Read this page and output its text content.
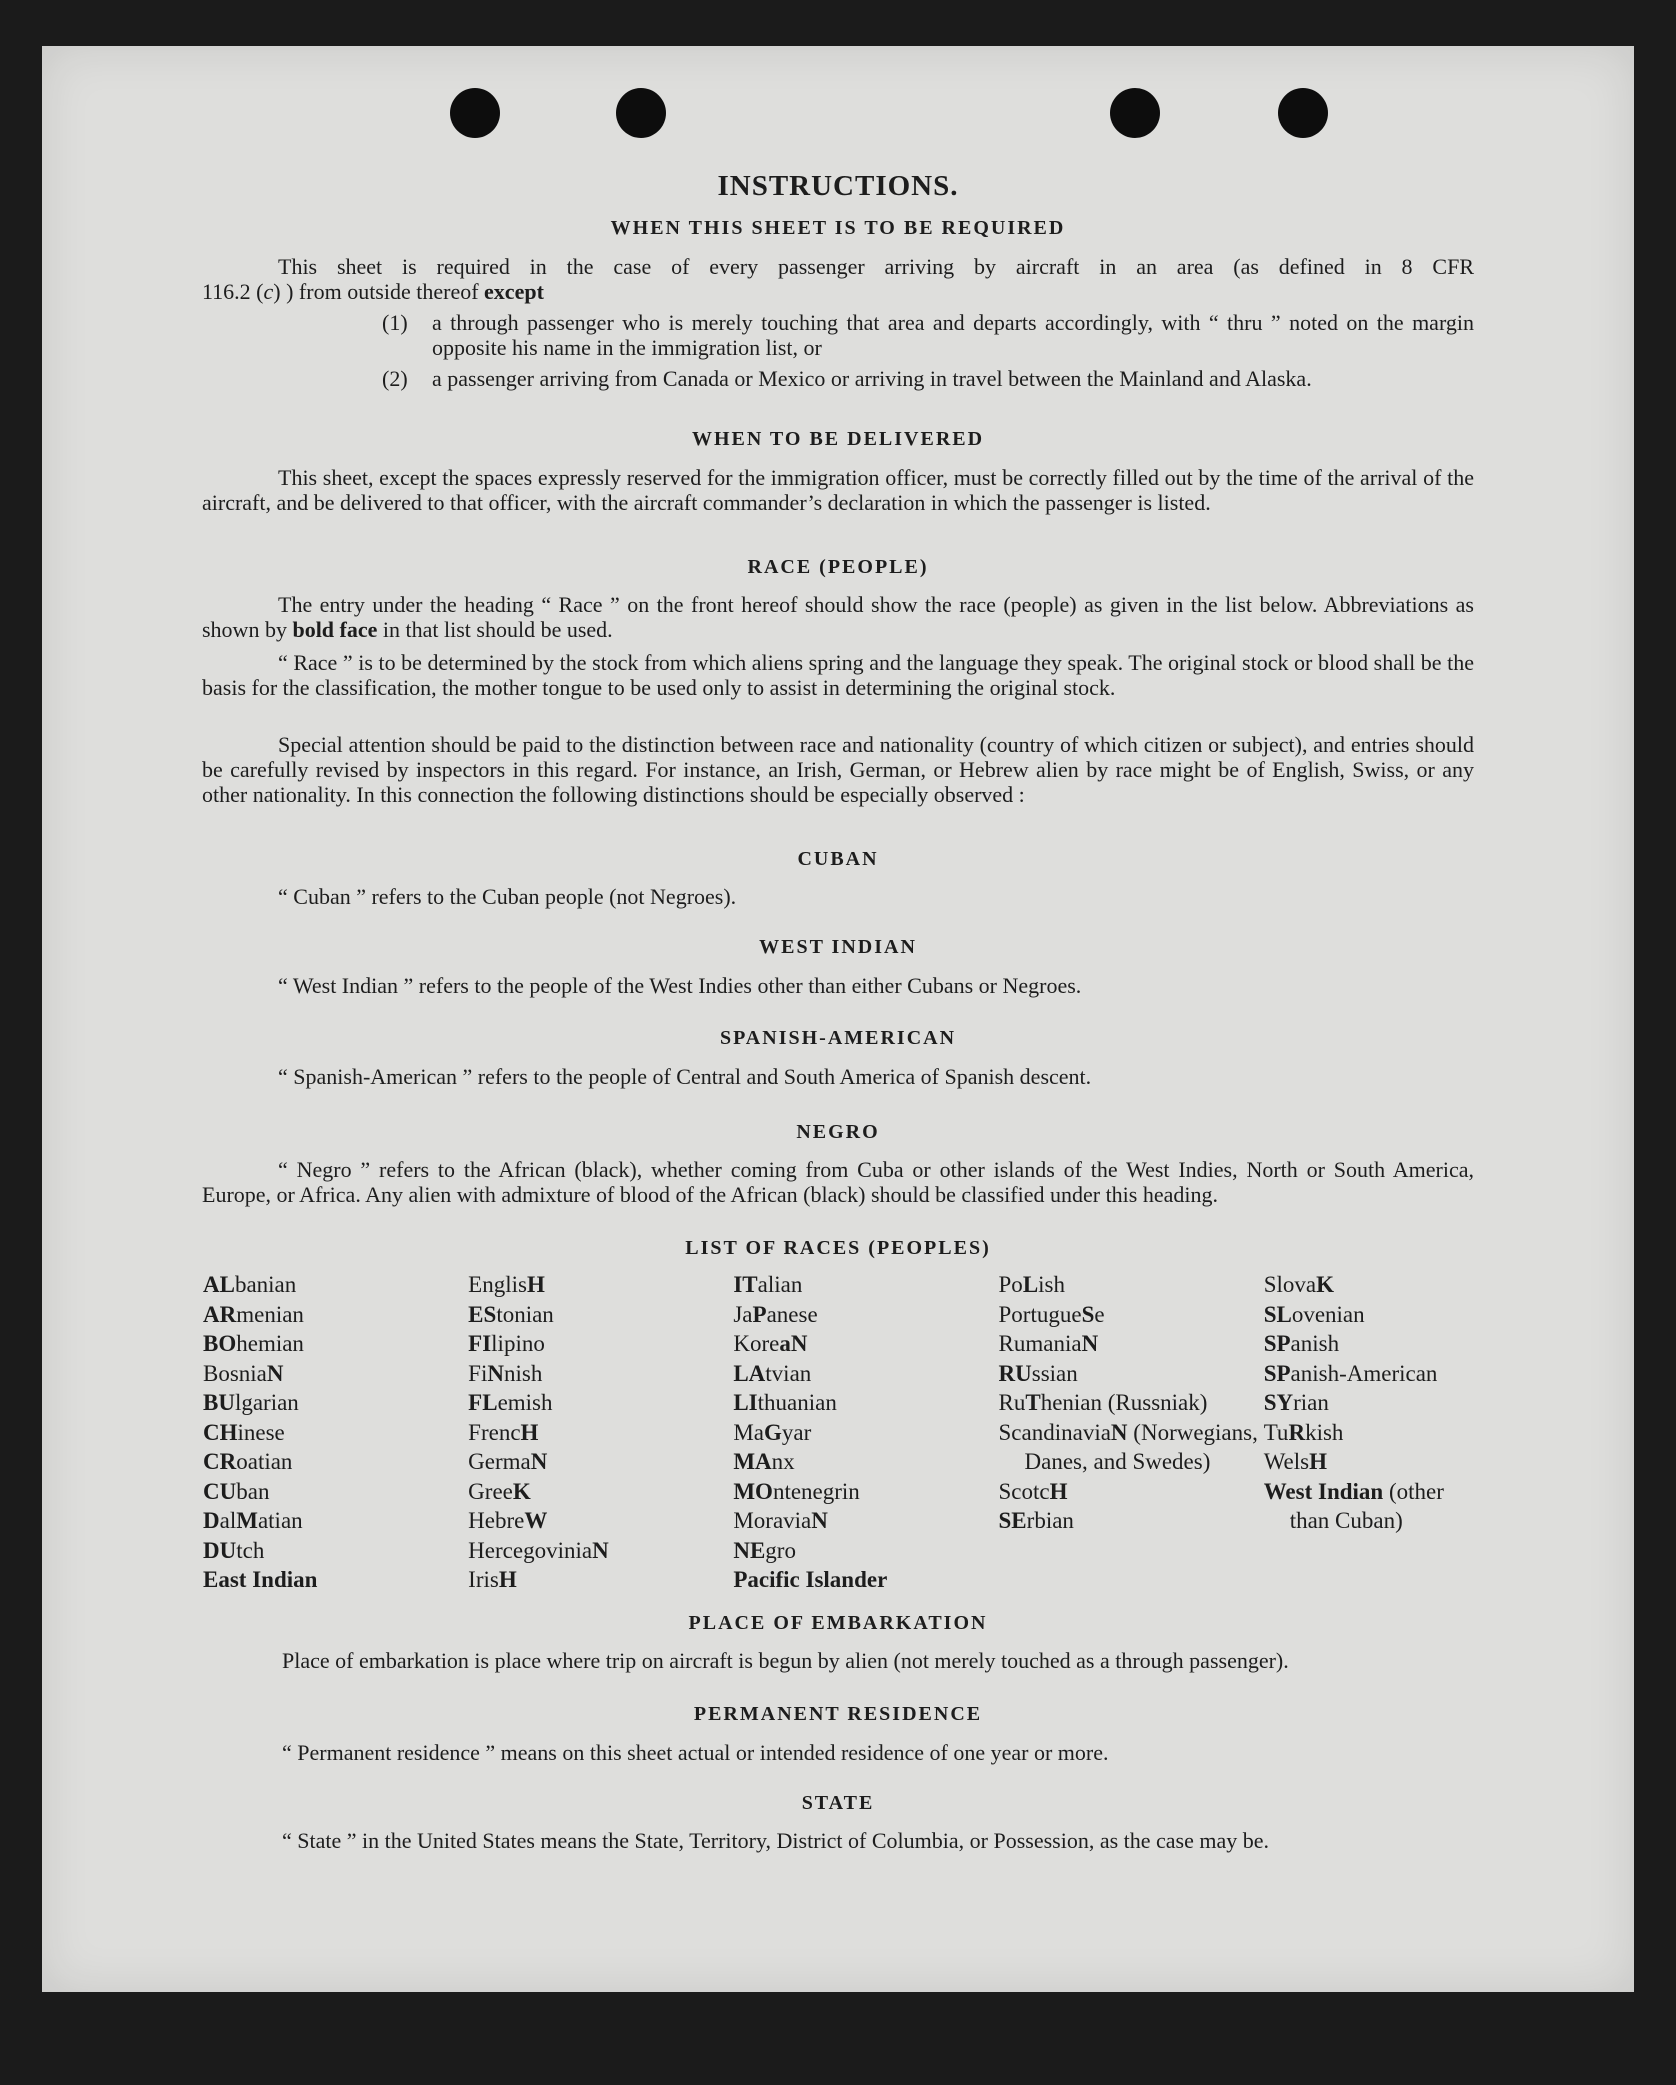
INSTRUCTIONS.
WHEN THIS SHEET IS TO BE REQUIRED
This sheet is required in the case of every passenger arriving by aircraft in an area (as defined in 8 CFR
116.2 (c) ) from outside thereof except
(1) a through passenger who is merely touching that area and departs accordingly, with “ thru ” noted on the margin opposite his name in the immigration list, or
(2) a passenger arriving from Canada or Mexico or arriving in travel between the Mainland and Alaska.
WHEN TO BE DELIVERED
This sheet, except the spaces expressly reserved for the immigration officer, must be correctly filled out by the time of the arrival of the aircraft, and be delivered to that officer, with the aircraft commander’s declaration in which the passenger is listed.
RACE (PEOPLE)
The entry under the heading “ Race ” on the front hereof should show the race (people) as given in the list below. Abbreviations as shown by bold face in that list should be used.
“ Race ” is to be determined by the stock from which aliens spring and the language they speak. The original stock or blood shall be the basis for the classification, the mother tongue to be used only to assist in determining the original stock.
Special attention should be paid to the distinction between race and nationality (country of which citizen or subject), and entries should be carefully revised by inspectors in this regard. For instance, an Irish, German, or Hebrew alien by race might be of English, Swiss, or any other nationality. In this connection the following distinctions should be especially observed :
CUBAN
“ Cuban ” refers to the Cuban people (not Negroes).
WEST INDIAN
“ West Indian ” refers to the people of the West Indies other than either Cubans or Negroes.
SPANISH-AMERICAN
“ Spanish-American ” refers to the people of Central and South America of Spanish descent.
NEGRO
“ Negro ” refers to the African (black), whether coming from Cuba or other islands of the West Indies, North or South America, Europe, or Africa. Any alien with admixture of blood of the African (black) should be classified under this heading.
LIST OF RACES (PEOPLES)
ALbanian
ARmenian
BOhemian
BosniaN
BUlgarian
CHinese
CRoatian
CUban
DalMatian
DUtch
East Indian
EnglisH
EStonian
FIlipino
FiNnish
FLemish
FrencH
GermaN
GreeK
HebreW
HercegoviniaN
IrisH
ITalian
JaPanese
KoreaN
LAtvian
LIthuanian
MaGyar
MAnx
MOntenegrin
MoraviaN
NEgro
Pacific Islander
PoLish
PortugueSe
RumaniaN
RUssian
RuThenian (Russniak)
ScandinaviaN (Norwegians, Danes, and Swedes)
ScotcH
SErbian
SlovaK
SLovenian
SPanish
SPanish-American
SYrian
TuRkish
WelsH
West Indian (other than Cuban)
PLACE OF EMBARKATION
Place of embarkation is place where trip on aircraft is begun by alien (not merely touched as a through passenger).
PERMANENT RESIDENCE
“ Permanent residence ” means on this sheet actual or intended residence of one year or more.
STATE
“ State ” in the United States means the State, Territory, District of Columbia, or Possession, as the case may be.
